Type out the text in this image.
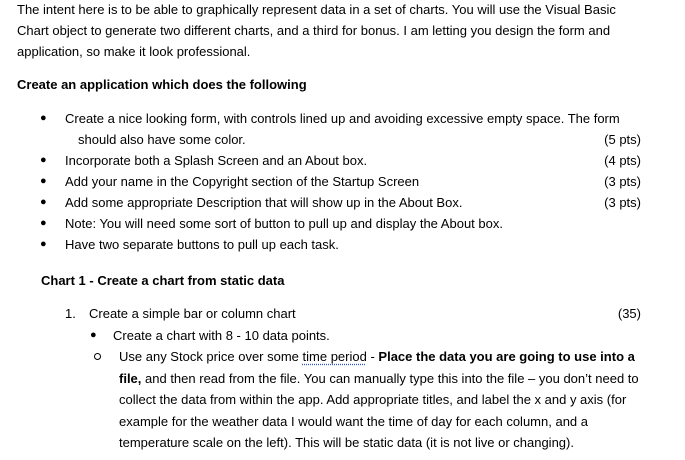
The intent here is to be able to graphically represent data in a set of charts. You will use the Visual Basic
Chart object to generate two different charts, and a third for bonus. I am letting you design the form and
application, so make it look professional.
Create an application which does the following
● Create a nice looking form, with controls lined up and avoiding excessive empty space. The form
should also have some color.	(5 pts)
● Incorporate both a Splash Screen and an About box.	(4 pts)
● Add your name in the Copyright section of the Startup Screen	(3 pts)
● Add some appropriate Description that will show up in the About Box.	(3 pts)
● Note: You will need some sort of button to pull up and display the About box.
● Have two separate buttons to pull up each task.
Chart 1 - Create a chart from static data
1. Create a simple bar or column chart	(35)
● Create a chart with 8 - 10 data points.
Use any Stock price over some time period - Place the data you are going to use into a file, and then read from the file. You can manually type this into the file – you don’t need to collect the data from within the app. Add appropriate titles, and label the x and y axis (for example for the weather data I would want the time of day for each column, and a temperature scale on the left). This will be static data (it is not live or changing).
